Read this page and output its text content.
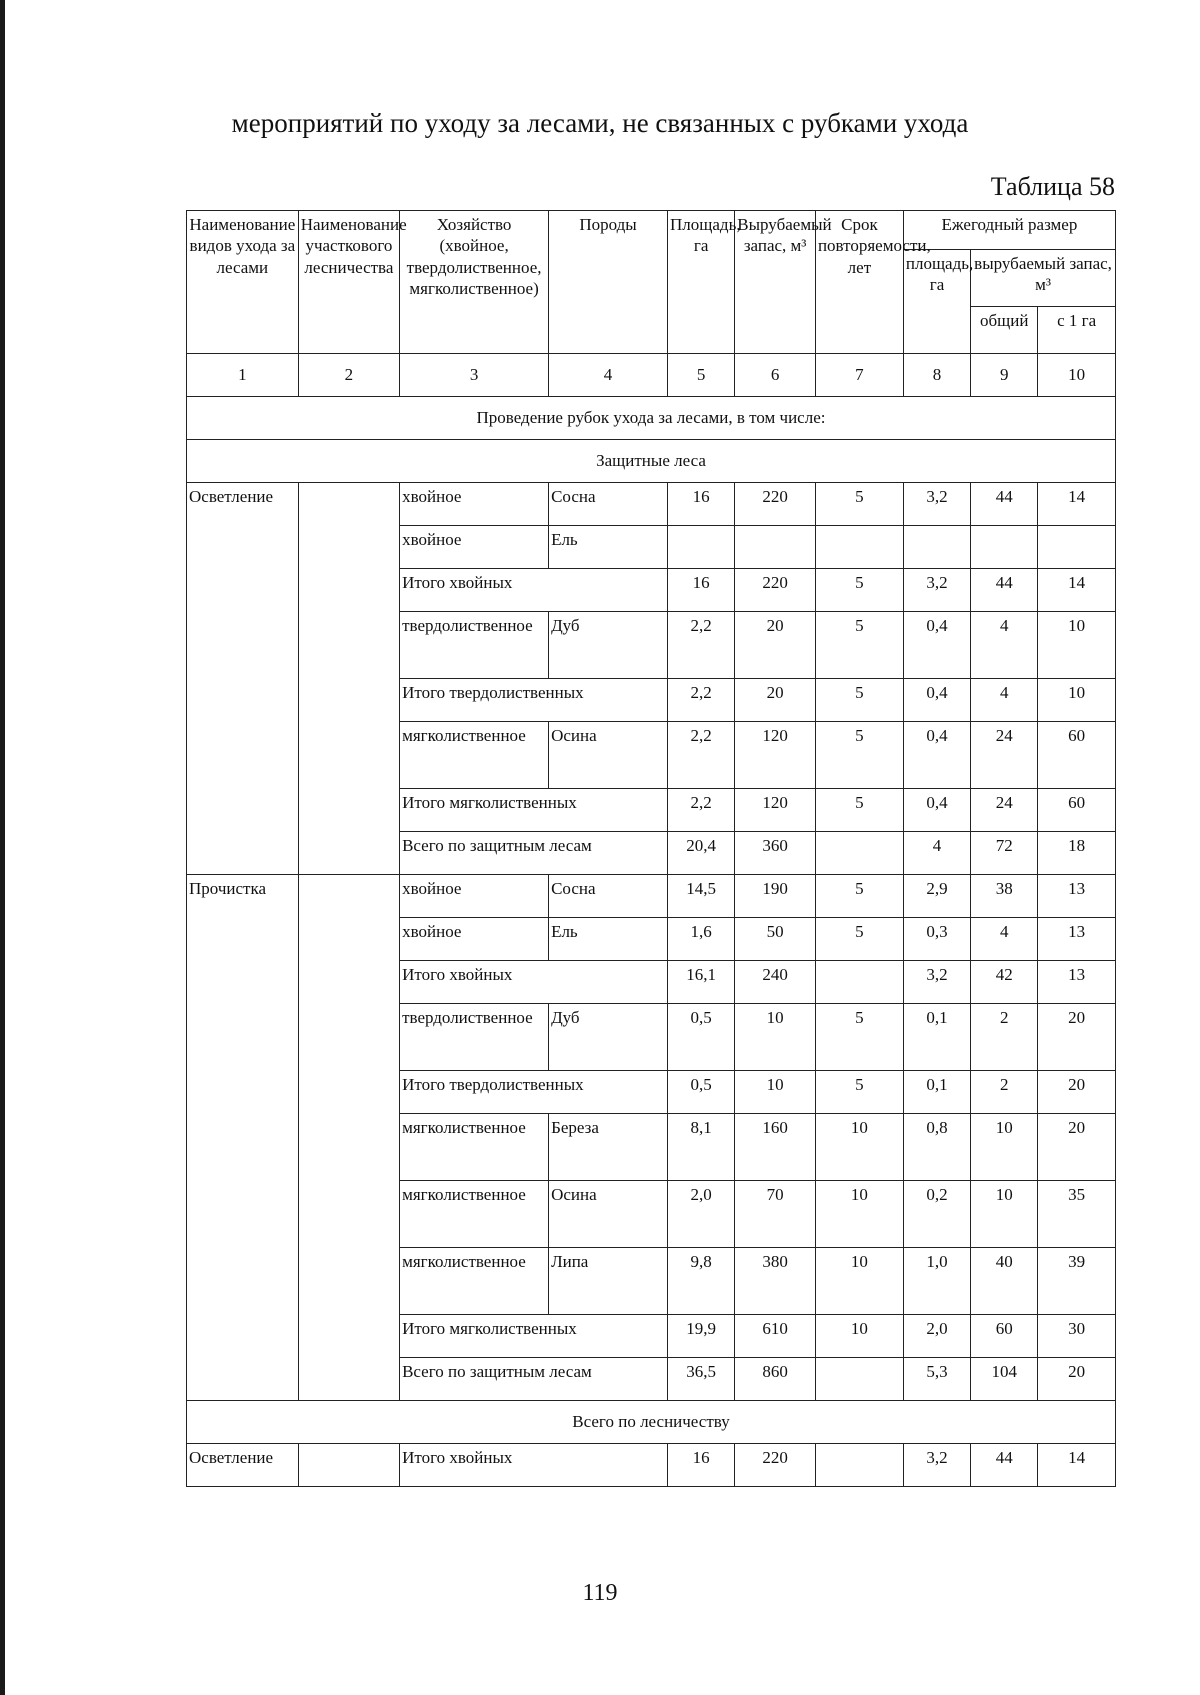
мероприятий по уходу за лесами, не связанных с рубками ухода
Таблица 58
Наименование видов ухода за лесами	Наименование участкового лесничества	Хозяйство (хвойное, твердолиственное, мягколиственное)	Породы	Площадь, га	Вырубаемый запас, м³	Срок повторяемости, лет	Ежегодный размер		
							площадь, га	вырубаемый запас, м³	
								общий	с 1 га
1	2	3	4	5	6	7	8	9	10
Проведение рубок ухода за лесами, в том числе:									
Защитные леса									
Осветление		хвойное	Сосна	16	220	5	3,2	44	14
		хвойное	Ель						
		Итого хвойных		16	220	5	3,2	44	14
		твердолиственное	Дуб	2,2	20	5	0,4	4	10
		Итого твердолиственных		2,2	20	5	0,4	4	10
		мягколиственное	Осина	2,2	120	5	0,4	24	60
		Итого мягколиственных		2,2	120	5	0,4	24	60
		Всего по защитным лесам		20,4	360		4	72	18
Прочистка		хвойное	Сосна	14,5	190	5	2,9	38	13
		хвойное	Ель	1,6	50	5	0,3	4	13
		Итого хвойных		16,1	240		3,2	42	13
		твердолиственное	Дуб	0,5	10	5	0,1	2	20
		Итого твердолиственных		0,5	10	5	0,1	2	20
		мягколиственное	Береза	8,1	160	10	0,8	10	20
		мягколиственное	Осина	2,0	70	10	0,2	10	35
		мягколиственное	Липа	9,8	380	10	1,0	40	39
		Итого мягколиственных		19,9	610	10	2,0	60	30
		Всего по защитным лесам		36,5	860		5,3	104	20
Всего по лесничеству									
Осветление		Итого хвойных		16	220		3,2	44	14
119
